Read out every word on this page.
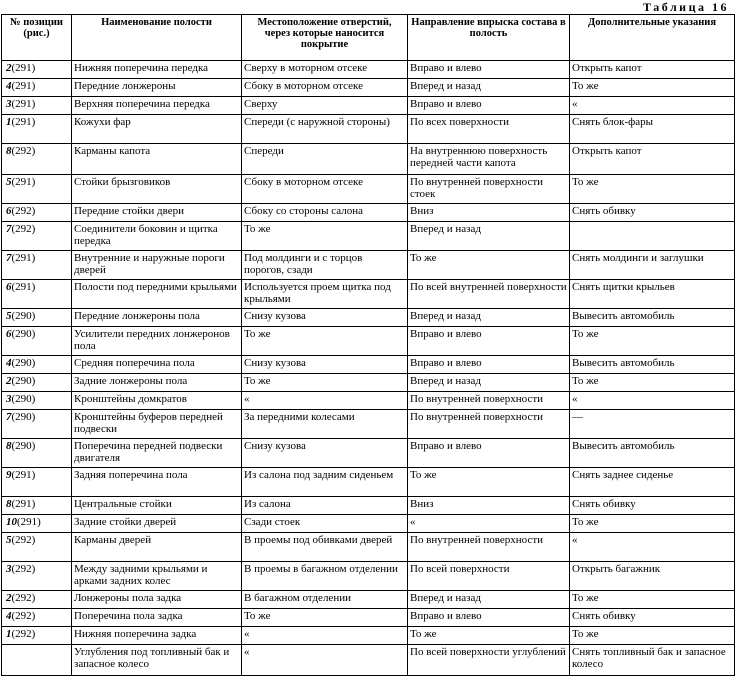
Таблица 16
№ позиции (рис.)	Наименование полости	Местоположение отверстий, через которые наносится покрытие	Направление впрыска состава в полость	Дополнительные указания
2(291)	Нижняя поперечина передка	Сверху в моторном отсеке	Вправо и влево	Открыть капот
4(291)	Передние лонжероны	Сбоку в моторном отсеке	Вперед и назад	То же
3(291)	Верхняя поперечина передка	Сверху	Вправо и влево	«
1(291)	Кожухи фар	Спереди (с наружной стороны)	По всех поверхности	Снять блок-фары
8(292)	Карманы капота	Спереди	На внутреннюю поверхность передней части капота	Открыть капот
5(291)	Стойки брызговиков	Сбоку в моторном отсеке	По внутренней поверхности стоек	То же
6(292)	Передние стойки двери	Сбоку со стороны салона	Вниз	Снять обивку
7(292)	Соединители боковин и щитка передка	То же	Вперед и назад	
7(291)	Внутренние и наружные пороги дверей	Под молдинги и с торцов порогов, сзади	То же	Снять молдинги и заглушки
6(291)	Полости под передними крыльями	Используется проем щитка под крыльями	По всей внутренней поверхности	Снять щитки крыльев
5(290)	Передние лонжероны пола	Снизу кузова	Вперед и назад	Вывесить автомобиль
6(290)	Усилители передних лонжеронов пола	То же	Вправо и влево	То же
4(290)	Средняя поперечина пола	Снизу кузова	Вправо и влево	Вывесить автомобиль
2(290)	Задние лонжероны пола	То же	Вперед и назад	То же
3(290)	Кронштейны домкратов	«	По внутренней поверхности	«
7(290)	Кронштейны буферов передней подвески	За передними колесами	По внутренней поверхности	—
8(290)	Поперечина передней подвески двигателя	Снизу кузова	Вправо и влево	Вывесить автомобиль
9(291)	Задняя поперечина пола	Из салона под задним сиденьем	То же	Снять заднее сиденье
8(291)	Центральные стойки	Из салона	Вниз	Снять обивку
10(291)	Задние стойки дверей	Сзади стоек	«	То же
5(292)	Карманы дверей	В проемы под обивками дверей	По внутренней поверхности	«
3(292)	Между задними крыльями и арками задних колес	В проемы в багажном отделении	По всей поверхности	Открыть багажник
2(292)	Лонжероны пола задка	В багажном отделении	Вперед и назад	То же
4(292)	Поперечина пола задка	То же	Вправо и влево	Снять обивку
1(292)	Нижняя поперечина задка	«	То же	То же
	Углубления под топливный бак и запасное колесо	«	По всей поверхности углублений	Снять топливный бак и запасное колесо
